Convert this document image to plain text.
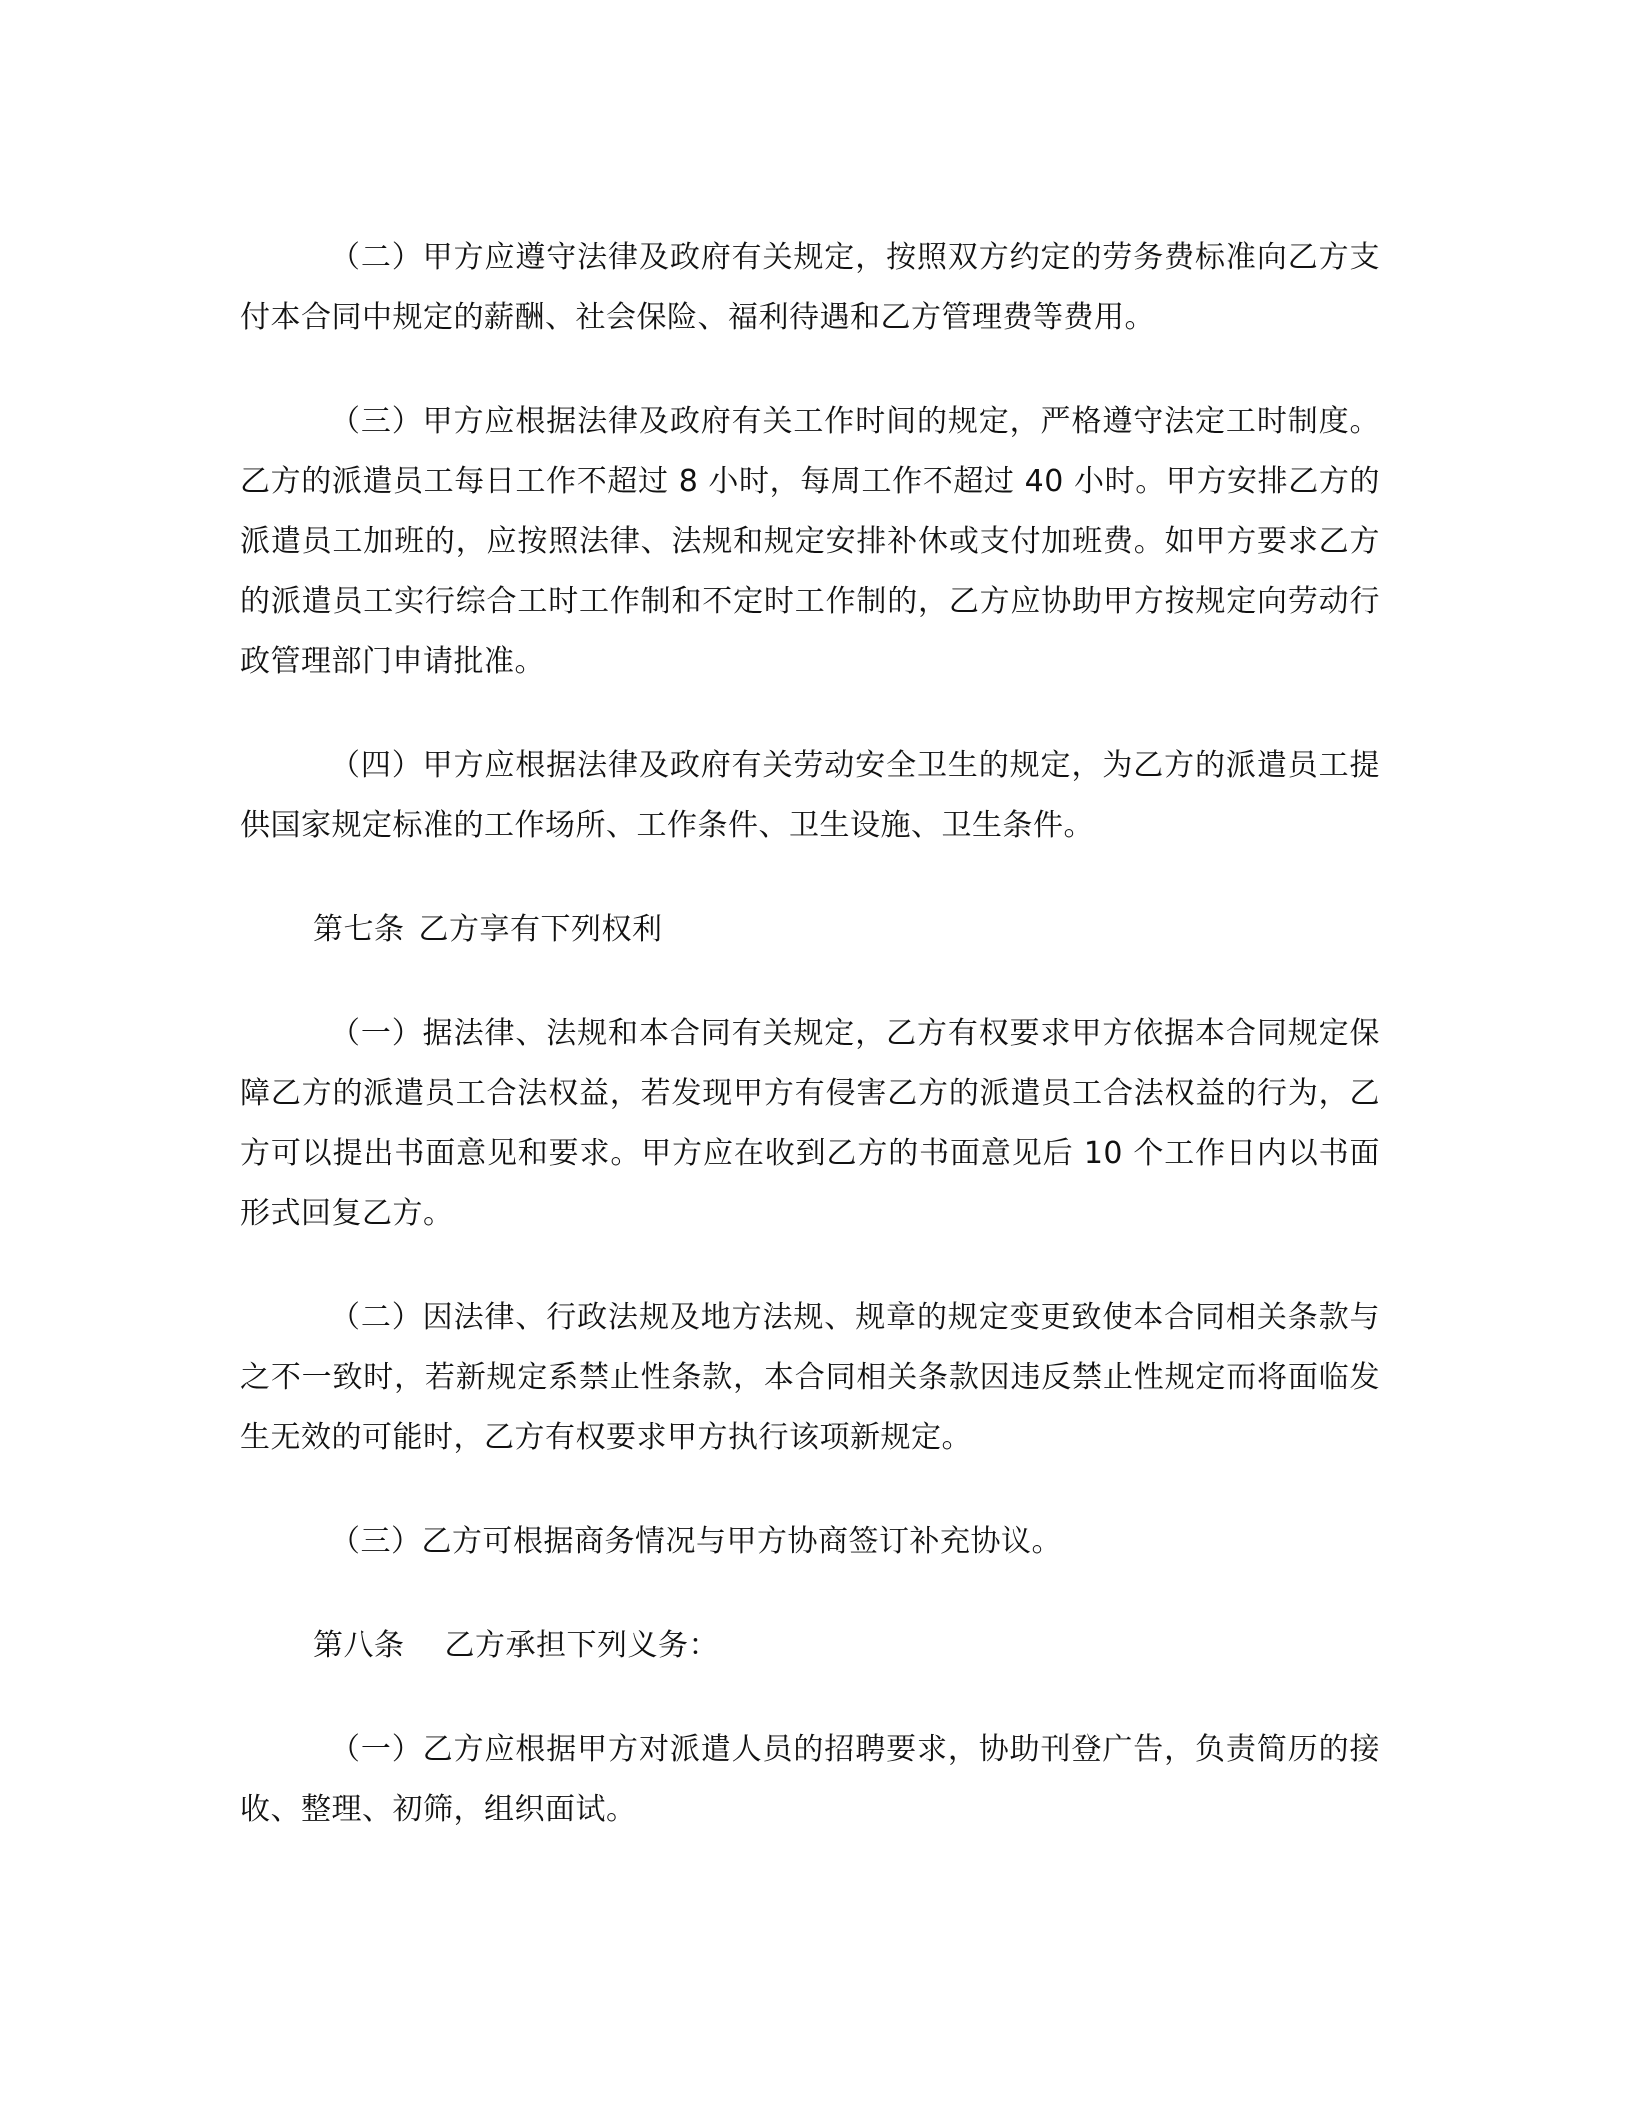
（二）甲方应遵守法律及政府有关规定，按照双方约定的劳务费标准向乙方支付本合同中规定的薪酬、社会保险、福利待遇和乙方管理费等费用。

（三）甲方应根据法律及政府有关工作时间的规定，严格遵守法定工时制度。乙方的派遣员工每日工作不超过 8 小时，每周工作不超过 40 小时。甲方安排乙方的派遣员工加班的，应按照法律、法规和规定安排补休或支付加班费。如甲方要求乙方的派遣员工实行综合工时工作制和不定时工作制的，乙方应协助甲方按规定向劳动行政管理部门申请批准。

（四）甲方应根据法律及政府有关劳动安全卫生的规定，为乙方的派遣员工提供国家规定标准的工作场所、工作条件、卫生设施、卫生条件。

第七条 乙方享有下列权利

（一）据法律、法规和本合同有关规定，乙方有权要求甲方依据本合同规定保障乙方的派遣员工合法权益，若发现甲方有侵害乙方的派遣员工合法权益的行为，乙方可以提出书面意见和要求。甲方应在收到乙方的书面意见后 10 个工作日内以书面形式回复乙方。

（二）因法律、行政法规及地方法规、规章的规定变更致使本合同相关条款与之不一致时，若新规定系禁止性条款，本合同相关条款因违反禁止性规定而将面临发生无效的可能时，乙方有权要求甲方执行该项新规定。

（三）乙方可根据商务情况与甲方协商签订补充协议。

第八条 乙方承担下列义务：

（一）乙方应根据甲方对派遣人员的招聘要求，协助刊登广告，负责简历的接收、整理、初筛，组织面试。
